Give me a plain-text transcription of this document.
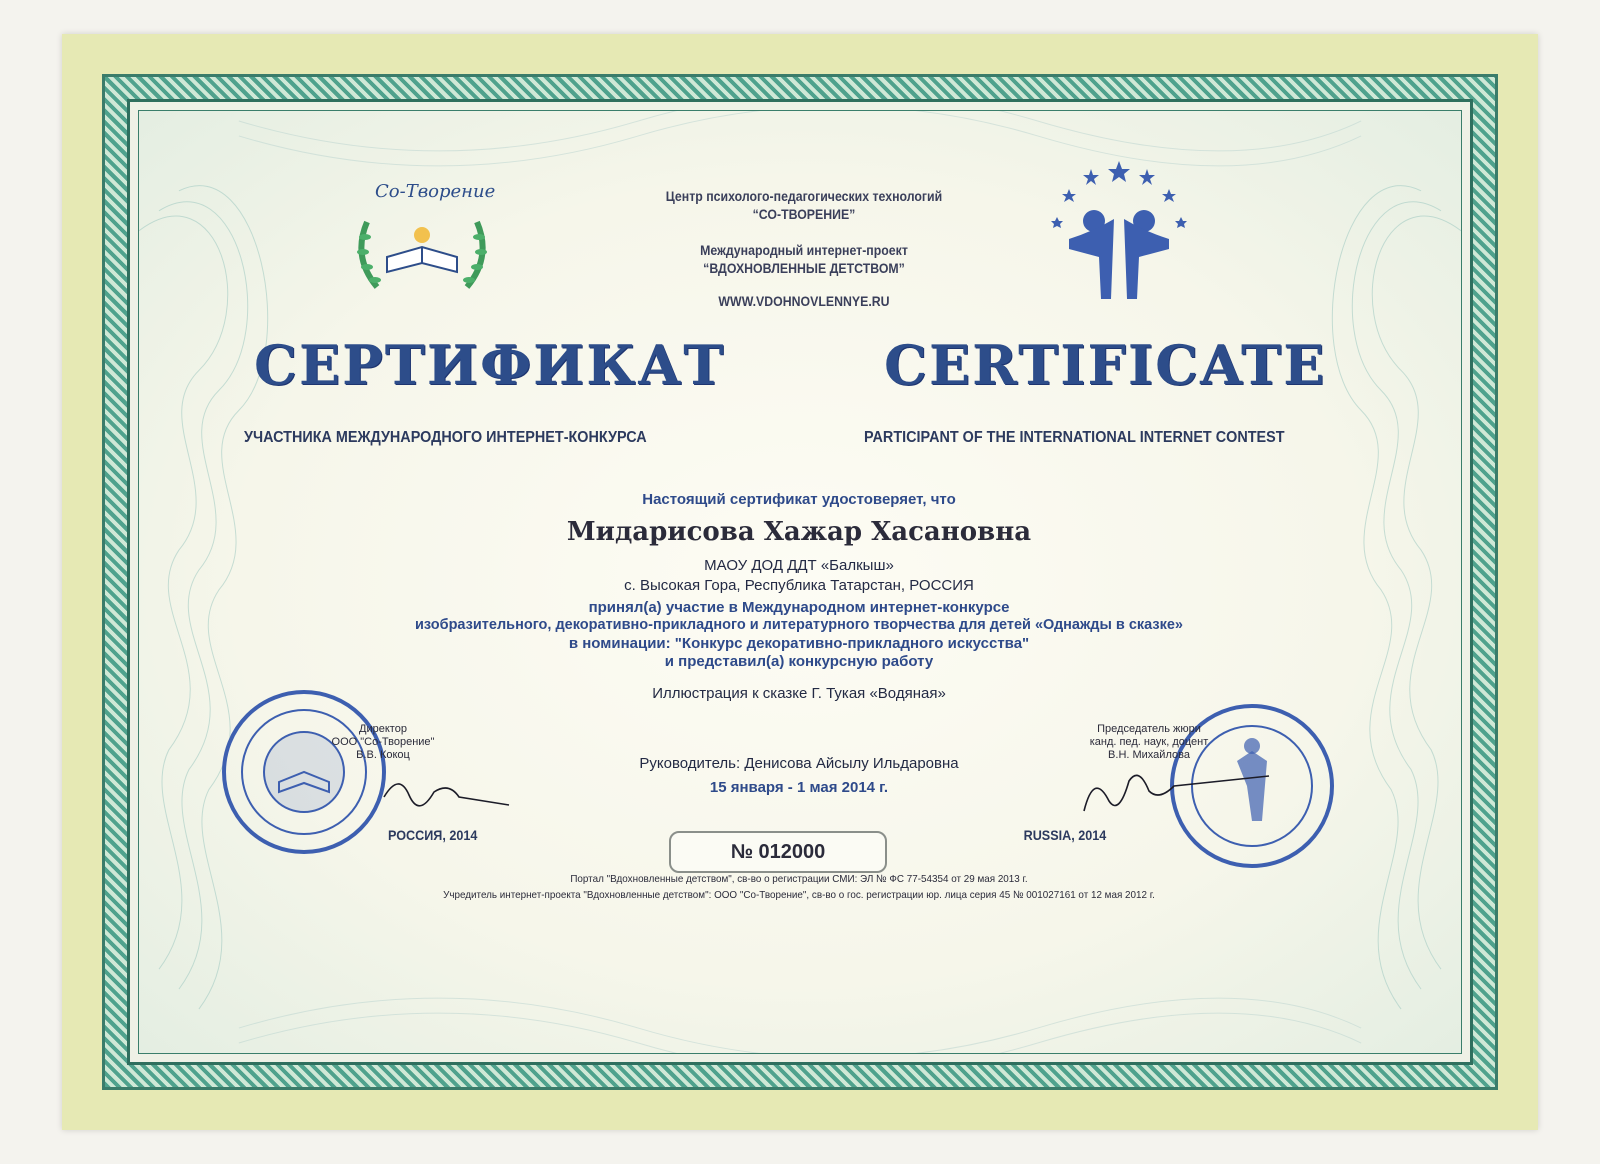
Со-Творение	Центр психолого-педагогических технологий
“СО-ТВОРЕНИЕ”
Международный интернет-проект
“ВДОХНОВЛЕННЫЕ ДЕТСТВОМ”
WWW.VDOHNOVLENNYE.RU
СЕРТИФИКАТ	CERTIFICATE
УЧАСТНИКА МЕЖДУНАРОДНОГО ИНТЕРНЕТ-КОНКУРСА	PARTICIPANT OF THE INTERNATIONAL INTERNET CONTEST
Настоящий сертификат удостоверяет, что
Мидарисова Хажар Хасановна
МАОУ ДОД ДДТ «Балкыш»
с. Высокая Гора, Республика Татарстан, РОССИЯ
принял(а) участие в Международном интернет-конкурсе
изобразительного, декоративно-прикладного и литературного творчества для детей «Однажды в сказке»
в номинации: "Конкурс декоративно-прикладного искусства"
и представил(а) конкурсную работу
Иллюстрация к сказке Г. Тукая «Водяная»
Руководитель: Денисова Айсылу Ильдаровна
15 января - 1 мая 2014 г.
№ 012000
Директор
ООО "Со-Творение"
В.В. Кокоц
РОССИЯ, 2014
Председатель жюри
канд. пед. наук, доцент
В.Н. Михайлова
RUSSIA, 2014
Портал "Вдохновленные детством", св-во о регистрации СМИ: ЭЛ № ФС 77-54354 от 29 мая 2013 г.
Учредитель интернет-проекта "Вдохновленные детством": ООО "Со-Творение", св-во о гос. регистрации юр. лица серия 45 № 001027161 от 12 мая 2012 г.
